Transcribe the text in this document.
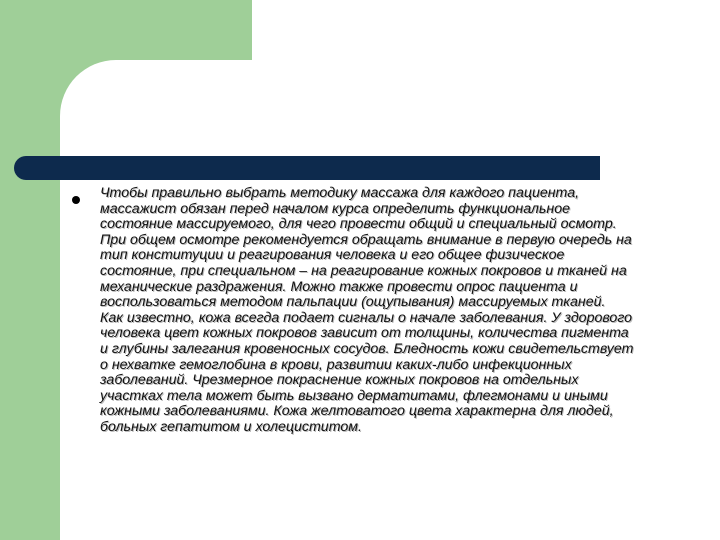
Чтобы правильно выбрать методику массажа для каждого пациента, массажист обязан перед началом курса определить функциональное состояние массируемого, для чего провести общий и специальный осмотр.

При общем осмотре рекомендуется обращать внимание в первую очередь на тип конституции и реагирования человека и его общее физическое состояние, при специальном – на реагирование кожных покровов и тканей на механические раздражения. Можно также провести опрос пациента и воспользоваться методом пальпации (ощупывания) массируемых тканей.

Как известно, кожа всегда подает сигналы о начале заболевания. У здорового человека цвет кожных покровов зависит от толщины, количества пигмента и глубины залегания кровеносных сосудов. Бледность кожи свидетельствует о нехватке гемоглобина в крови, развитии каких-либо инфекционных заболеваний. Чрезмерное покраснение кожных покровов на отдельных участках тела может быть вызвано дерматитами, флегмонами и иными кожными заболеваниями. Кожа желтоватого цвета характерна для людей, больных гепатитом и холециститом.
